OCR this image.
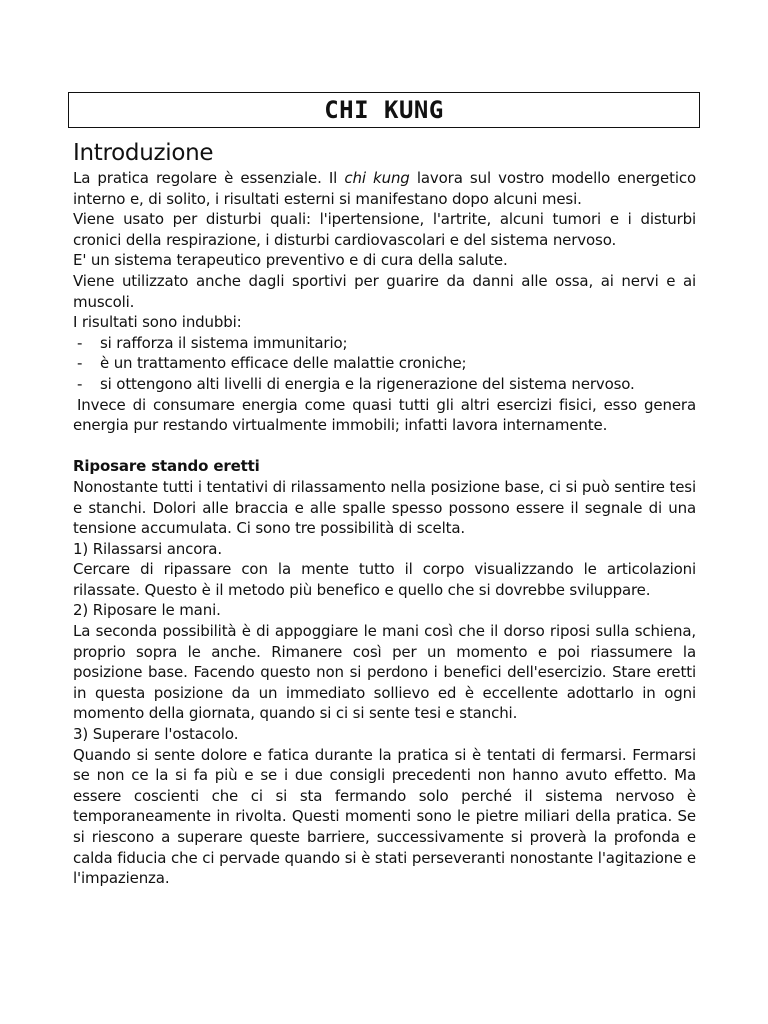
CHI KUNG
Introduzione

La pratica regolare è essenziale. Il chi kung lavora sul vostro modello energetico interno e, di solito, i risultati esterni si manifestano dopo alcuni mesi.

Viene usato per disturbi quali: l'ipertensione, l'artrite, alcuni tumori e i disturbi cronici della respirazione, i disturbi cardiovascolari e del sistema nervoso.

E' un sistema terapeutico preventivo e di cura della salute.

Viene utilizzato anche dagli sportivi per guarire da danni alle ossa, ai nervi e ai muscoli.

I risultati sono indubbi:

- si rafforza il sistema immunitario;
- è un trattamento efficace delle malattie croniche;
- si ottengono alti livelli di energia e la rigenerazione del sistema nervoso.

Invece di consumare energia come quasi tutti gli altri esercizi fisici, esso genera energia pur restando virtualmente immobili; infatti lavora internamente.

Riposare stando eretti

Nonostante tutti i tentativi di rilassamento nella posizione base, ci si può sentire tesi e stanchi. Dolori alle braccia e alle spalle spesso possono essere il segnale di una tensione accumulata. Ci sono tre possibilità di scelta.

1) Rilassarsi ancora.

Cercare di ripassare con la mente tutto il corpo visualizzando le articolazioni rilassate. Questo è il metodo più benefico e quello che si dovrebbe sviluppare.

2) Riposare le mani.

La seconda possibilità è di appoggiare le mani così che il dorso riposi sulla schiena, proprio sopra le anche. Rimanere così per un momento e poi riassumere la posizione base. Facendo questo non si perdono i benefici dell'esercizio. Stare eretti in questa posizione da un immediato sollievo ed è eccellente adottarlo in ogni momento della giornata, quando si ci si sente tesi e stanchi.

3) Superare l'ostacolo.

Quando si sente dolore e fatica durante la pratica si è tentati di fermarsi. Fermarsi se non ce la si fa più e se i due consigli precedenti non hanno avuto effetto. Ma essere coscienti che ci si sta fermando solo perché il sistema nervoso è temporaneamente in rivolta. Questi momenti sono le pietre miliari della pratica. Se si riescono a superare queste barriere, successivamente si proverà la profonda e calda fiducia che ci pervade quando si è stati perseveranti nonostante l'agitazione e l'impazienza.
